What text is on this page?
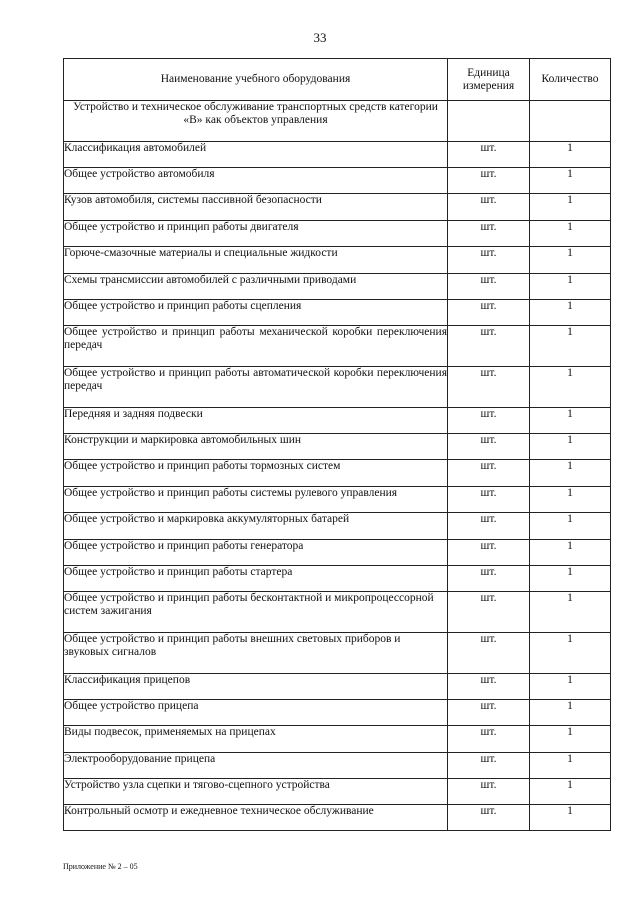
33
Наименование учебного оборудования	Единица измерения	Количество
Устройство и техническое обслуживание транспортных средств категории «В» как объектов управления		
Классификация автомобилей	шт.	1
Общее устройство автомобиля	шт.	1
Кузов автомобиля, системы пассивной безопасности	шт.	1
Общее устройство и принцип работы двигателя	шт.	1
Горюче-смазочные материалы и специальные жидкости	шт.	1
Схемы трансмиссии автомобилей с различными приводами	шт.	1
Общее устройство и принцип работы сцепления	шт.	1
Общее устройство и принцип работы механической коробки переключения передач	шт.	1
Общее устройство и принцип работы автоматической коробки переключения передач	шт.	1
Передняя и задняя подвески	шт.	1
Конструкции и маркировка автомобильных шин	шт.	1
Общее устройство и принцип работы тормозных систем	шт.	1
Общее устройство и принцип работы системы рулевого управления	шт.	1
Общее устройство и маркировка аккумуляторных батарей	шт.	1
Общее устройство и принцип работы генератора	шт.	1
Общее устройство и принцип работы стартера	шт.	1
Общее устройство и принцип работы бесконтактной и микропроцессорной систем зажигания	шт.	1
Общее устройство и принцип работы внешних световых приборов и звуковых сигналов	шт.	1
Классификация прицепов	шт.	1
Общее устройство прицепа	шт.	1
Виды подвесок, применяемых на прицепах	шт.	1
Электрооборудование прицепа	шт.	1
Устройство узла сцепки и тягово-сцепного устройства	шт.	1
Контрольный осмотр и ежедневное техническое обслуживание	шт.	1
Приложение № 2 – 05
